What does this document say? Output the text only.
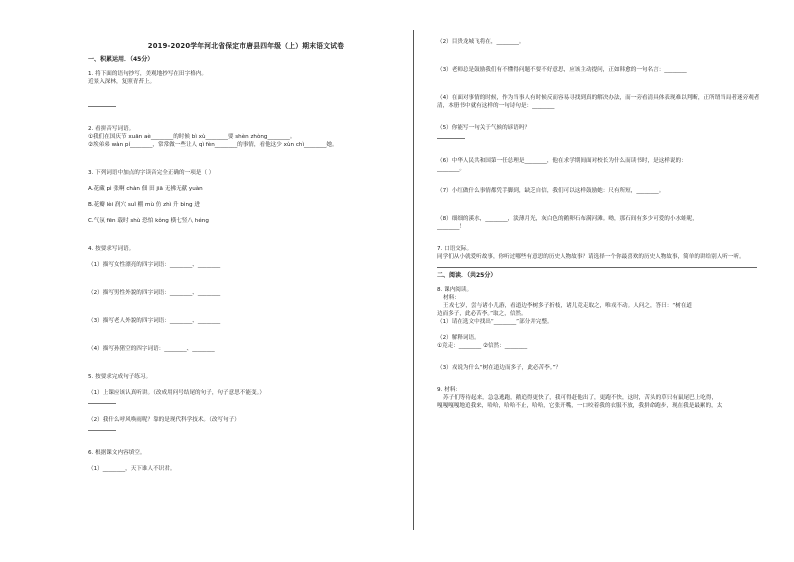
2019-2020学年河北省保定市唐县四年级（上）期末语文试卷
一、积累运用．（45分）
1. 将下面的语句抄写，美观地抄写在田字格内。
近景入深林，复照青苔上。
2. 看拼音写词语。
①我们在国庆节 xuān aè________的时候 bì xù________要 shèn zhòng________。
②埃弟弟 wàn pí________，常常做一些让人 qì fèn________的事情，看他这少 xùn chì________她。
3. 下列词语中加点的字读音完全正确的一项是（ ）
A.花藏 pì 张啊 chàn 佃 田 jiā 无拂无献 yuàn
B.花瓣 lèi 润穴 suǐ 棚 mù 仿 zhì 升 bìng 进
C.气氛 fēn 载时 shù 恐怕 kǒng 横七竖八 héng
4. 按要求写词语。
（1）描写女性漂亮的四字词语：________、________
（2）描写男性外貌的四字词语：________、________
（3）描写老人外貌的四字词语：________、________
（4）描写孙猪空的四字词语：________、________
5. 按要求完成句子练习。
（1）上课应该认真听讲。（改成用问号结尾的句子，句子意思不能变。）
（2）我什么呼风唤雨呢？靠的是现代科学技术。（改写句子）
6. 根据课文内容填空。
（1）________，天下谁人不识君。
（2）目贵龙城飞将在，________。
（3）老师总是鼓励我们有不懂得问题不要不好意思，应该主动提问，正如韩愈的一句名言：________
（4）在面对事情的时候，作为当事人有时候反而容易寻找到真的解决办法，而一旁看清具体表现难以判断，正所谓当局者迷旁观者
清，本册书中就有这样的一句诗句是：________
（5）你能写一句关于气候的谚语吗？
（6）中华人民共和国第一任总理是________，他在求学期间面对校长为什么而读书时，是这样说的：
________。
（7）小红做什么事情都凭手脚到，缺乏自信，我们可以这样鼓励她：尺有所短，________。
（8）细细的溪水，________，淡薄月光，灰白色的鹅卵石布满河滩。呦，那石间有多少可爱的小水蛙呢，
________！
7. 口语交际。
同学们从小就爱听故事，你听过哪些有意思的历史人物故事？请选择一个你最喜欢的历史人物故事，简单的讲给别人听一听。
二、阅读．（共25分）
8. 课内阅读。
材料：
王戎七岁，尝与诸小儿游，看道边李树多子折枝，诸儿竞走取之，唯戎不动。人问之，答曰：“树在道
边而多子，此必苦李。”取之，信然。
（1）请在选文中找出“________”部分并完整。
（2）解释词语。
①竞走：________ ②信然：________
（3）戎说为什么“树在道边而多子，此必苦李。”？
9. 材料：
苏子们等待起来，急急逃跑，鹅追得更快了，我可得赶他出了，更跑不快，这时，苦头的草只有鼠尾巴上吃得，
嘎嘎嘎嘎地追我来，哈哈，哈哈不止，哈哈，它张开嘴，一口咬着我的衣服不放，我拼命跑步，现在我是最累的，太
